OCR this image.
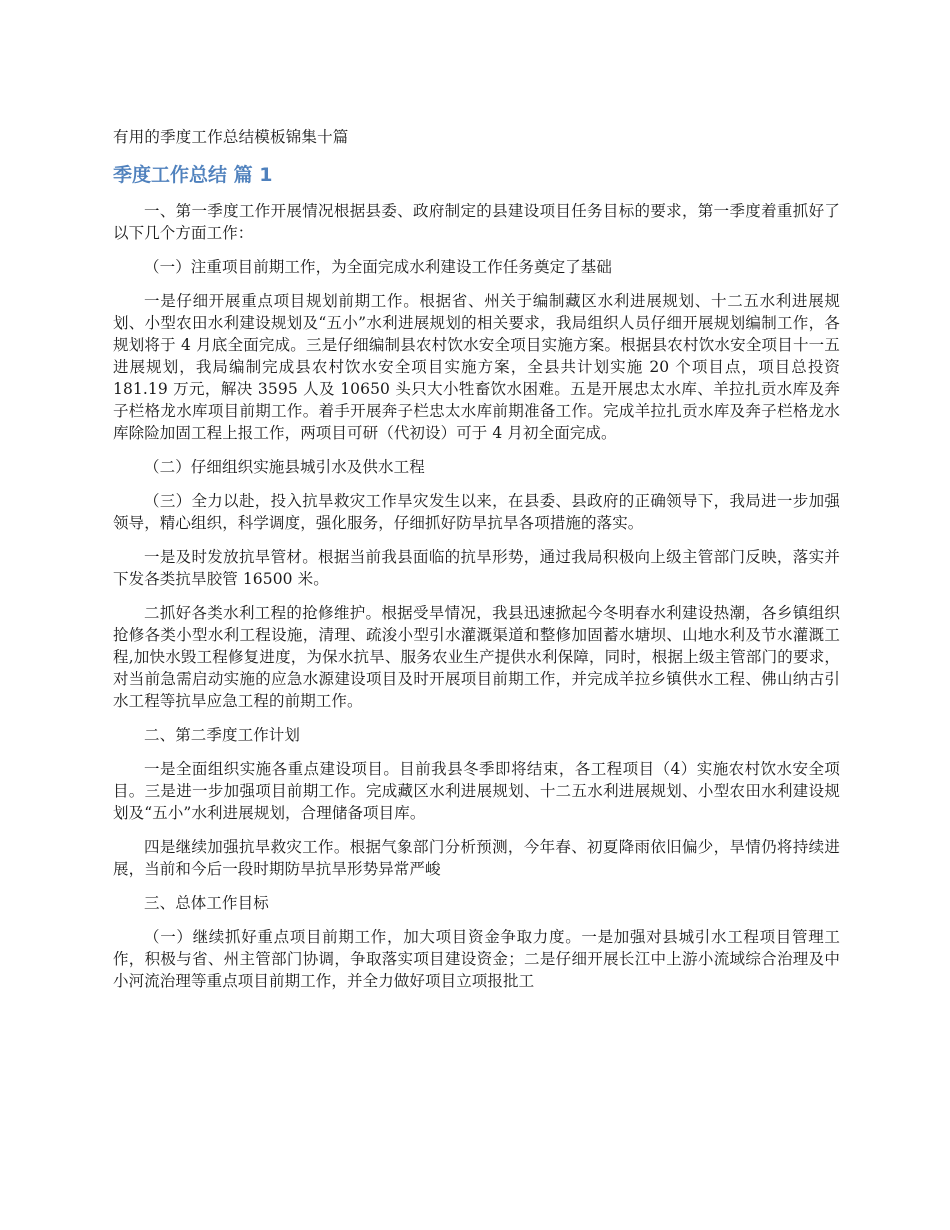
有用的季度工作总结模板锦集十篇
季度工作总结 篇 1

一、第一季度工作开展情况根据县委、政府制定的县建设项目任务目标的要求，第一季度着重抓好了以下几个方面工作：

（一）注重项目前期工作，为全面完成水利建设工作任务奠定了基础

一是仔细开展重点项目规划前期工作。根据省、州关于编制藏区水利进展规划、十二五水利进展规划、小型农田水利建设规划及“五小”水利进展规划的相关要求，我局组织人员仔细开展规划编制工作，各规划将于 4 月底全面完成。三是仔细编制县农村饮水安全项目实施方案。根据县农村饮水安全项目十一五进展规划，我局编制完成县农村饮水安全项目实施方案，全县共计划实施 20 个项目点，项目总投资 181.19 万元，解决 3595 人及 10650 头只大小牲畜饮水困难。五是开展忠太水库、羊拉扎贡水库及奔子栏格龙水库项目前期工作。着手开展奔子栏忠太水库前期准备工作。完成羊拉扎贡水库及奔子栏格龙水库除险加固工程上报工作，两项目可研（代初设）可于 4 月初全面完成。

（二）仔细组织实施县城引水及供水工程

（三）全力以赴，投入抗旱救灾工作旱灾发生以来，在县委、县政府的正确领导下，我局进一步加强领导，精心组织，科学调度，强化服务，仔细抓好防旱抗旱各项措施的落实。

一是及时发放抗旱管材。根据当前我县面临的抗旱形势，通过我局积极向上级主管部门反映，落实并下发各类抗旱胶管 16500 米。

二抓好各类水利工程的抢修维护。根据受旱情况，我县迅速掀起今冬明春水利建设热潮，各乡镇组织抢修各类小型水利工程设施，清理、疏浚小型引水灌溉渠道和整修加固蓄水塘坝、山地水利及节水灌溉工程,加快水毁工程修复进度，为保水抗旱、服务农业生产提供水利保障，同时，根据上级主管部门的要求，对当前急需启动实施的应急水源建设项目及时开展项目前期工作，并完成羊拉乡镇供水工程、佛山纳古引水工程等抗旱应急工程的前期工作。

二、第二季度工作计划

一是全面组织实施各重点建设项目。目前我县冬季即将结束，各工程项目（4）实施农村饮水安全项目。三是进一步加强项目前期工作。完成藏区水利进展规划、十二五水利进展规划、小型农田水利建设规划及“五小”水利进展规划，合理储备项目库。

四是继续加强抗旱救灾工作。根据气象部门分析预测，今年春、初夏降雨依旧偏少，旱情仍将持续进展，当前和今后一段时期防旱抗旱形势异常严峻

三、总体工作目标

（一）继续抓好重点项目前期工作，加大项目资金争取力度。一是加强对县城引水工程项目管理工作，积极与省、州主管部门协调，争取落实项目建设资金；二是仔细开展长江中上游小流域综合治理及中小河流治理等重点项目前期工作，并全力做好项目立项报批工
